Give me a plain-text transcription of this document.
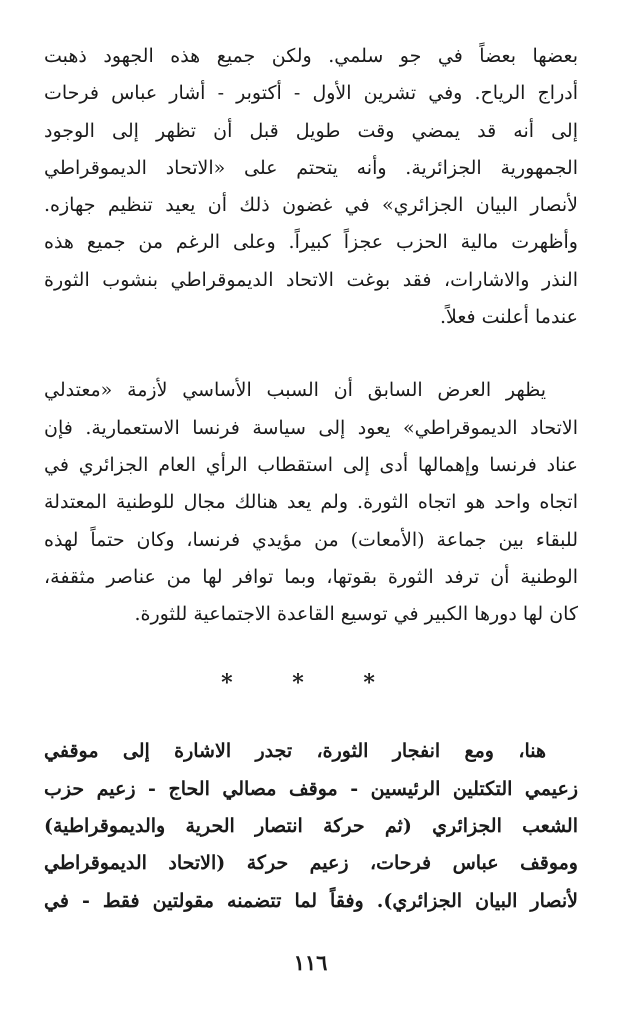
بعضها بعضاً في جو سلمي. ولكن جميع هذه الجهود ذهبت
أدراج الرياح. وفي تشرين الأول - أكتوبر - أشار عباس فرحات
إلى أنه قد يمضي وقت طويل قبل أن تظهر إلى الوجود
الجمهورية الجزائرية. وأنه يتحتم على «الاتحاد الديموقراطي
لأنصار البيان الجزائري» في غضون ذلك أن يعيد تنظيم جهازه.
وأظهرت مالية الحزب عجزاً كبيراً. وعلى الرغم من جميع هذه
النذر والاشارات، فقد بوغت الاتحاد الديموقراطي بنشوب الثورة
عندما أعلنت فعلاً.
يظهر العرض السابق أن السبب الأساسي لأزمة «معتدلي
الاتحاد الديموقراطي» يعود إلى سياسة فرنسا الاستعمارية. فإن
عناد فرنسا وإهمالها أدى إلى استقطاب الرأي العام الجزائري في
اتجاه واحد هو اتجاه الثورة. ولم يعد هنالك مجال للوطنية المعتدلة
للبقاء بين جماعة (الأمعات) من مؤيدي فرنسا، وكان حتماً لهذه
الوطنية أن ترفد الثورة بقوتها، وبما توافر لها من عناصر مثقفة،
كان لها دورها الكبير في توسيع القاعدة الاجتماعية للثورة.

* * *

هنا، ومع انفجار الثورة، تجدر الاشارة إلى موقفي
زعيمي التكتلين الرئيسين - موقف مصالي الحاج - زعيم حزب
الشعب الجزائري (ثم حركة انتصار الحرية والديموقراطية)
وموقف عباس فرحات، زعيم حركة (الاتحاد الديموقراطي
لأنصار البيان الجزائري). وفقاً لما تتضمنه مقولتين فقط - في
١١٦
